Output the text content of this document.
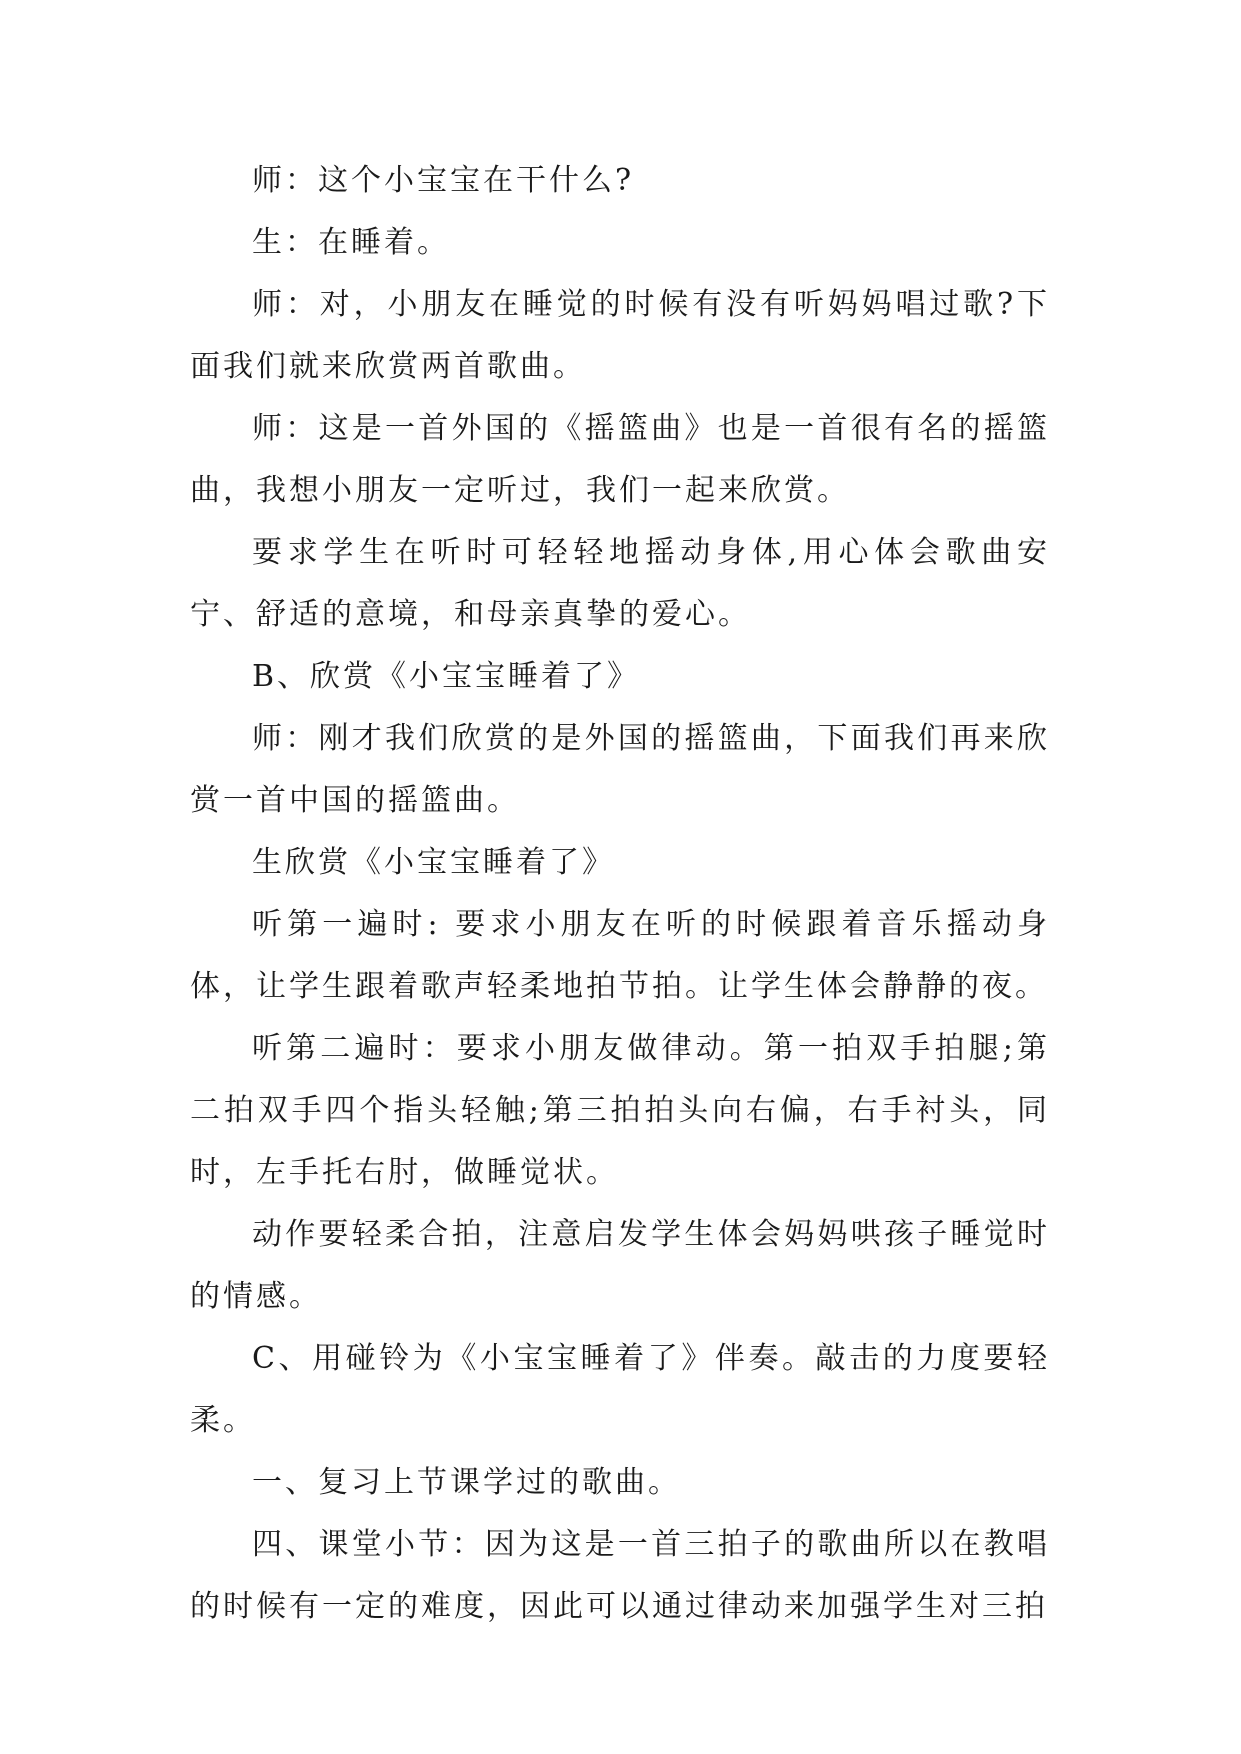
师：这个小宝宝在干什么?

生：在睡着。

师：对，小朋友在睡觉的时候有没有听妈妈唱过歌?下面我们就来欣赏两首歌曲。

师：这是一首外国的《摇篮曲》也是一首很有名的摇篮曲，我想小朋友一定听过，我们一起来欣赏。

要求学生在听时可轻轻地摇动身体,用心体会歌曲安宁、舒适的意境，和母亲真挚的爱心。

B、欣赏《小宝宝睡着了》

师：刚才我们欣赏的是外国的摇篮曲，下面我们再来欣赏一首中国的摇篮曲。

生欣赏《小宝宝睡着了》

听第一遍时: 要求小朋友在听的时候跟着音乐摇动身体，让学生跟着歌声轻柔地拍节拍。让学生体会静静的夜。

听第二遍时：要求小朋友做律动。第一拍双手拍腿;第二拍双手四个指头轻触;第三拍拍头向右偏，右手衬头，同时，左手托右肘，做睡觉状。

动作要轻柔合拍，注意启发学生体会妈妈哄孩子睡觉时的情感。

C、用碰铃为《小宝宝睡着了》伴奏。敲击的力度要轻柔。

一、复习上节课学过的歌曲。

四、课堂小节：因为这是一首三拍子的歌曲所以在教唱的时候有一定的难度，因此可以通过律动来加强学生对三拍
